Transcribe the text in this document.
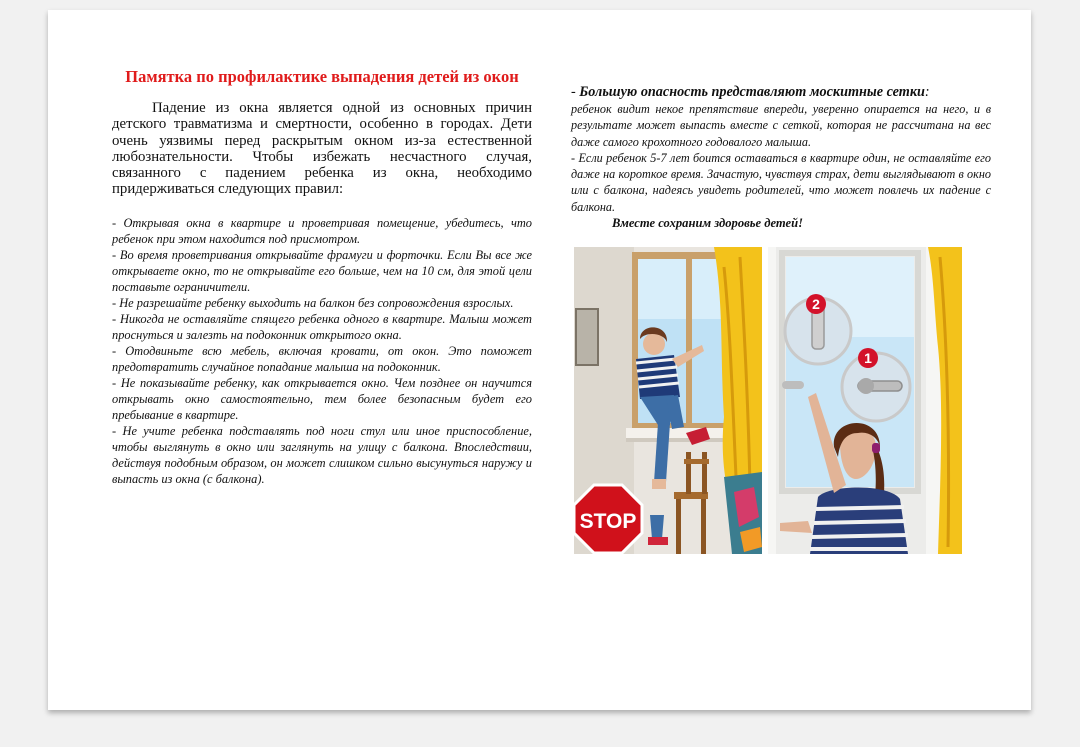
Памятка по профилактике выпадения детей из окон

Падение из окна является одной из основных причин детского травматизма и смертности, особенно в городах. Дети очень уязвимы перед раскрытым окном из-за естественной любознательности. Чтобы избежать несчастного случая, связанного с падением ребенка из окна, необходимо придерживаться следующих правил:

- Открывая окна в квартире и проветривая помещение, убедитесь, что ребенок при этом находится под присмотром.

- Во время проветривания открывайте фрамуги и форточки. Если Вы все же открываете окно, то не открывайте его больше, чем на 10 см, для этой цели поставьте ограничители.

- Не разрешайте ребенку выходить на балкон без сопровождения взрослых.

- Никогда не оставляйте спящего ребенка одного в квартире. Малыш может проснуться и залезть на подоконник открытого окна.

- Отодвиньте всю мебель, включая кровати, от окон. Это поможет предотвратить случайное попадание малыша на подоконник.

- Не показывайте ребенку, как открывается окно. Чем позднее он научится открывать окно самостоятельно, тем более безопасным будет его пребывание в квартире.

- Не учите ребенка подставлять под ноги стул или иное приспособление, чтобы выглянуть в окно или заглянуть на улицу с балкона. Впоследствии, действуя подобным образом, он может слишком сильно высунуться наружу и выпасть из окна (с балкона).

- Большую опасность представляют москитные сетки:

ребенок видит некое препятствие впереди, уверенно опирается на него, и в результате может выпасть вместе с сеткой, которая не рассчитана на вес даже самого крохотного годовалого малыша.

- Если ребенок 5-7 лет боится оставаться в квартире один, не оставляйте его даже на короткое время. Зачастую, чувствуя страх, дети выглядывают в окно или с балкона, надеясь увидеть родителей, что может повлечь их падение с балкона.

Вместе сохраним здоровье детей!

STOP
2
1
